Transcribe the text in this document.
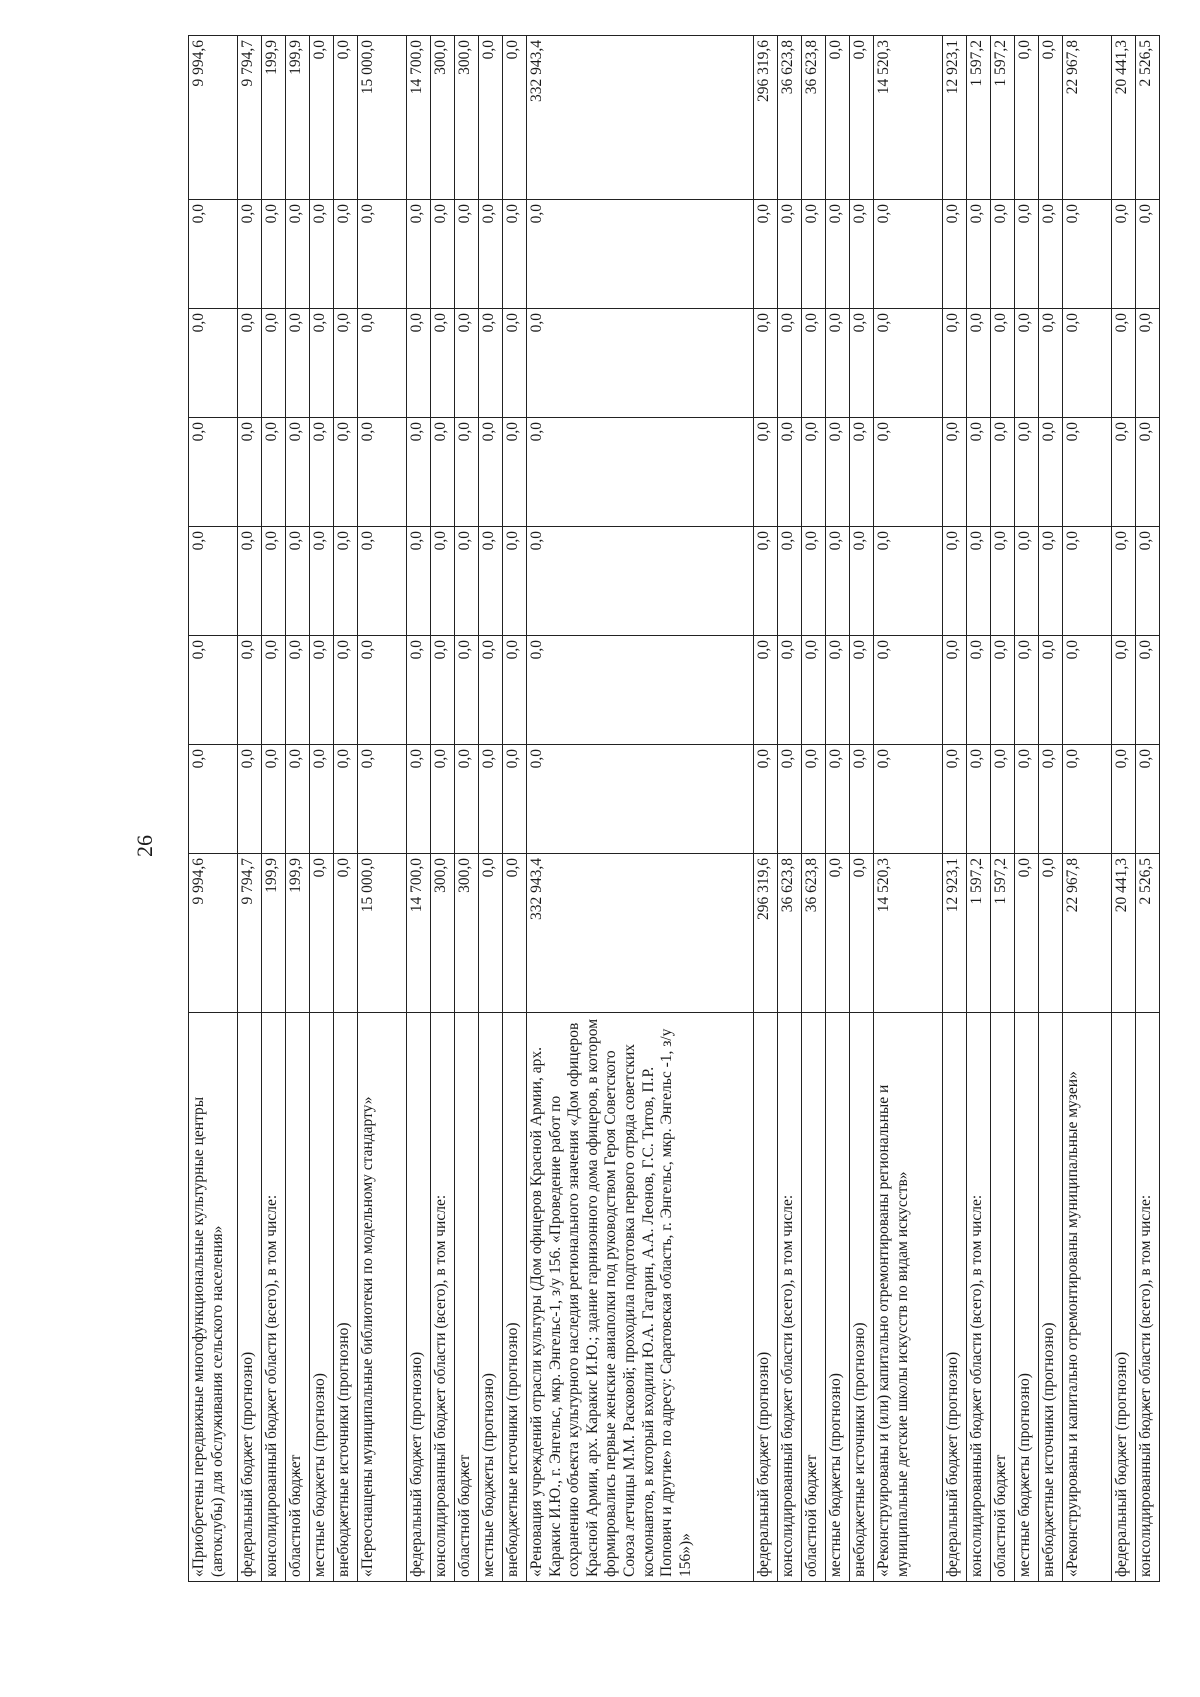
26
«Приобретены передвижные многофункциональные культурные центры (автоклубы) для обслуживания сельского населения»	9 994,6	0,0	0,0	0,0	0,0	0,0	0,0	9 994,6
федеральный бюджет (прогнозно)	9 794,7	0,0	0,0	0,0	0,0	0,0	0,0	9 794,7
консолидированный бюджет области (всего), в том числе:	199,9	0,0	0,0	0,0	0,0	0,0	0,0	199,9
областной бюджет	199,9	0,0	0,0	0,0	0,0	0,0	0,0	199,9
местные бюджеты (прогнозно)	0,0	0,0	0,0	0,0	0,0	0,0	0,0	0,0
внебюджетные источники (прогнозно)	0,0	0,0	0,0	0,0	0,0	0,0	0,0	0,0
«Переоснащены муниципальные библиотеки по модельному стандарту»	15 000,0	0,0	0,0	0,0	0,0	0,0	0,0	15 000,0
федеральный бюджет (прогнозно)	14 700,0	0,0	0,0	0,0	0,0	0,0	0,0	14 700,0
консолидированный бюджет области (всего), в том числе:	300,0	0,0	0,0	0,0	0,0	0,0	0,0	300,0
областной бюджет	300,0	0,0	0,0	0,0	0,0	0,0	0,0	300,0
местные бюджеты (прогнозно)	0,0	0,0	0,0	0,0	0,0	0,0	0,0	0,0
внебюджетные источники (прогнозно)	0,0	0,0	0,0	0,0	0,0	0,0	0,0	0,0
«Реновация учреждений отрасли культуры (Дом офицеров Красной Армии, арх. Каракис И.Ю., г. Энгельс, мкр. Энгельс-1, з/у 156. «Проведение работ по сохранению объекта культурного наследия регионального значения «Дом офицеров Красной Армии, арх. Каракис И.Ю.; здание гарнизонного дома офицеров, в котором формировались первые женские авиаполки под руководством Героя Советского Союза летчицы М.М. Расковой; проходила подготовка первого отряда советских космонавтов, в который входили Ю.А. Гагарин, А.А. Леонов, Г.С. Титов, П.Р. Попович и другие» по адресу: Саратовская область, г. Энгельс, мкр. Энгельс -1, з/у 156»)»	332 943,4	0,0	0,0	0,0	0,0	0,0	0,0	332 943,4
федеральный бюджет (прогнозно)	296 319,6	0,0	0,0	0,0	0,0	0,0	0,0	296 319,6
консолидированный бюджет области (всего), в том числе:	36 623,8	0,0	0,0	0,0	0,0	0,0	0,0	36 623,8
областной бюджет	36 623,8	0,0	0,0	0,0	0,0	0,0	0,0	36 623,8
местные бюджеты (прогнозно)	0,0	0,0	0,0	0,0	0,0	0,0	0,0	0,0
внебюджетные источники (прогнозно)	0,0	0,0	0,0	0,0	0,0	0,0	0,0	0,0
«Реконструированы и (или) капитально отремонтированы региональные и муниципальные детские школы искусств по видам искусств»	14 520,3	0,0	0,0	0,0	0,0	0,0	0,0	14 520,3
федеральный бюджет (прогнозно)	12 923,1	0,0	0,0	0,0	0,0	0,0	0,0	12 923,1
консолидированный бюджет области (всего), в том числе:	1 597,2	0,0	0,0	0,0	0,0	0,0	0,0	1 597,2
областной бюджет	1 597,2	0,0	0,0	0,0	0,0	0,0	0,0	1 597,2
местные бюджеты (прогнозно)	0,0	0,0	0,0	0,0	0,0	0,0	0,0	0,0
внебюджетные источники (прогнозно)	0,0	0,0	0,0	0,0	0,0	0,0	0,0	0,0
«Реконструированы и капитально отремонтированы муниципальные музеи»	22 967,8	0,0	0,0	0,0	0,0	0,0	0,0	22 967,8
федеральный бюджет (прогнозно)	20 441,3	0,0	0,0	0,0	0,0	0,0	0,0	20 441,3
консолидированный бюджет области (всего), в том числе:	2 526,5	0,0	0,0	0,0	0,0	0,0	0,0	2 526,5
